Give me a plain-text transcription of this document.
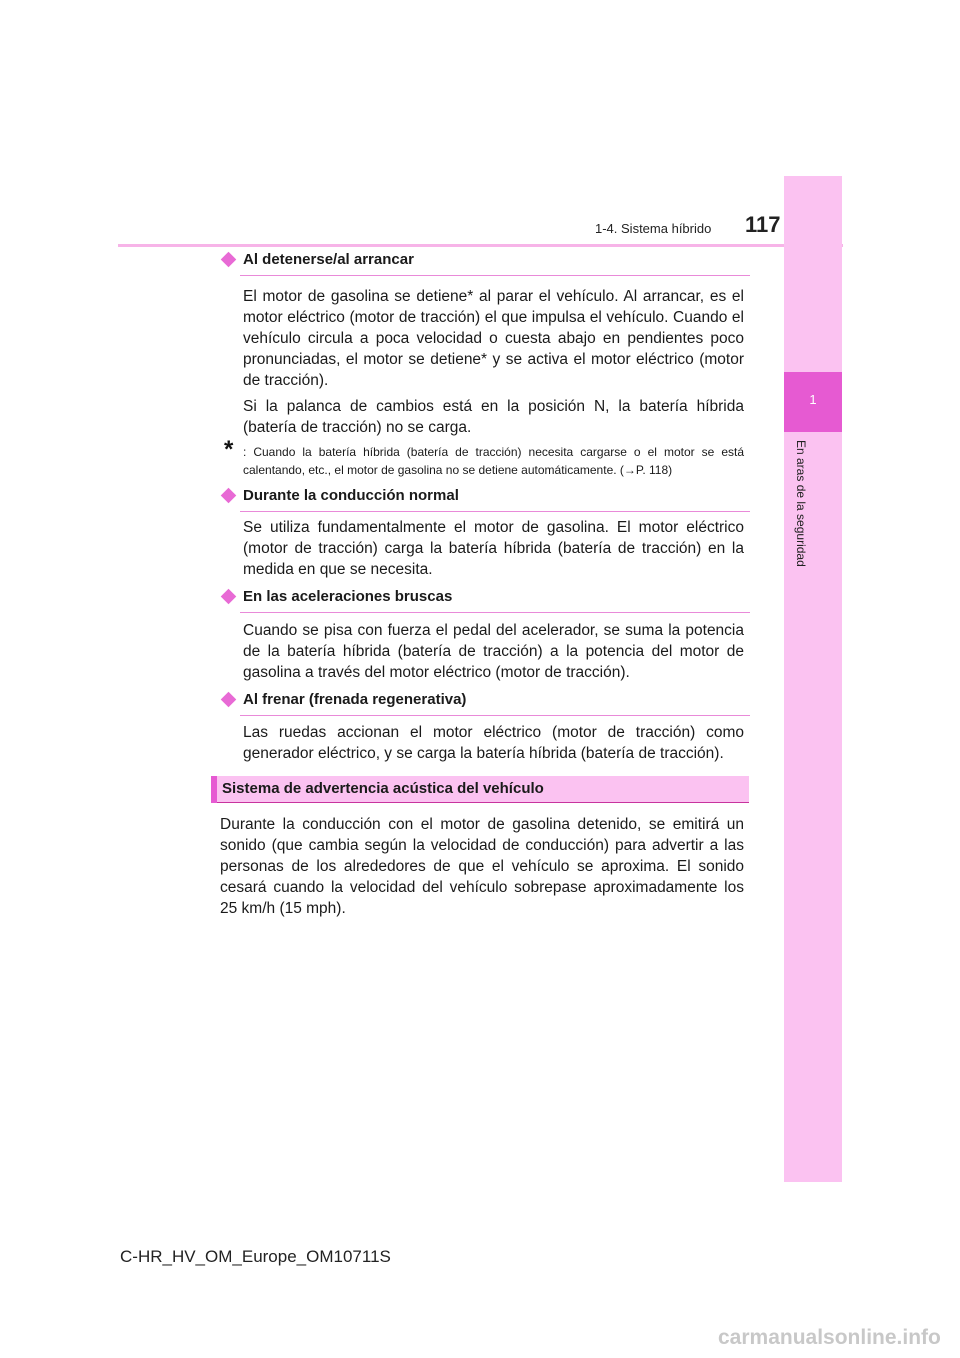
1-4. Sistema híbrido 117
1
En aras de la seguridad
Al detenerse/al arrancar
El motor de gasolina se detiene* al parar el vehículo. Al arrancar, es el motor eléctrico (motor de tracción) el que impulsa el vehículo. Cuando el vehículo circula a poca velocidad o cuesta abajo en pendientes poco pronunciadas, el motor se detiene* y se activa el motor eléctrico (motor de tracción).
Si la palanca de cambios está en la posición N, la batería híbrida (batería de tracción) no se carga.
* : Cuando la batería híbrida (batería de tracción) necesita cargarse o el motor se está calentando, etc., el motor de gasolina no se detiene automáticamente. (→P. 118)
Durante la conducción normal
Se utiliza fundamentalmente el motor de gasolina. El motor eléctrico (motor de tracción) carga la batería híbrida (batería de tracción) en la medida en que se necesita.
En las aceleraciones bruscas
Cuando se pisa con fuerza el pedal del acelerador, se suma la potencia de la batería híbrida (batería de tracción) a la potencia del motor de gasolina a través del motor eléctrico (motor de tracción).
Al frenar (frenada regenerativa)
Las ruedas accionan el motor eléctrico (motor de tracción) como generador eléctrico, y se carga la batería híbrida (batería de tracción).
Sistema de advertencia acústica del vehículo
Durante la conducción con el motor de gasolina detenido, se emitirá un sonido (que cambia según la velocidad de conducción) para advertir a las personas de los alrededores de que el vehículo se aproxima. El sonido cesará cuando la velocidad del vehículo sobrepase aproximadamente los 25 km/h (15 mph).
C-HR_HV_OM_Europe_OM10711S
carmanualsonline.info
